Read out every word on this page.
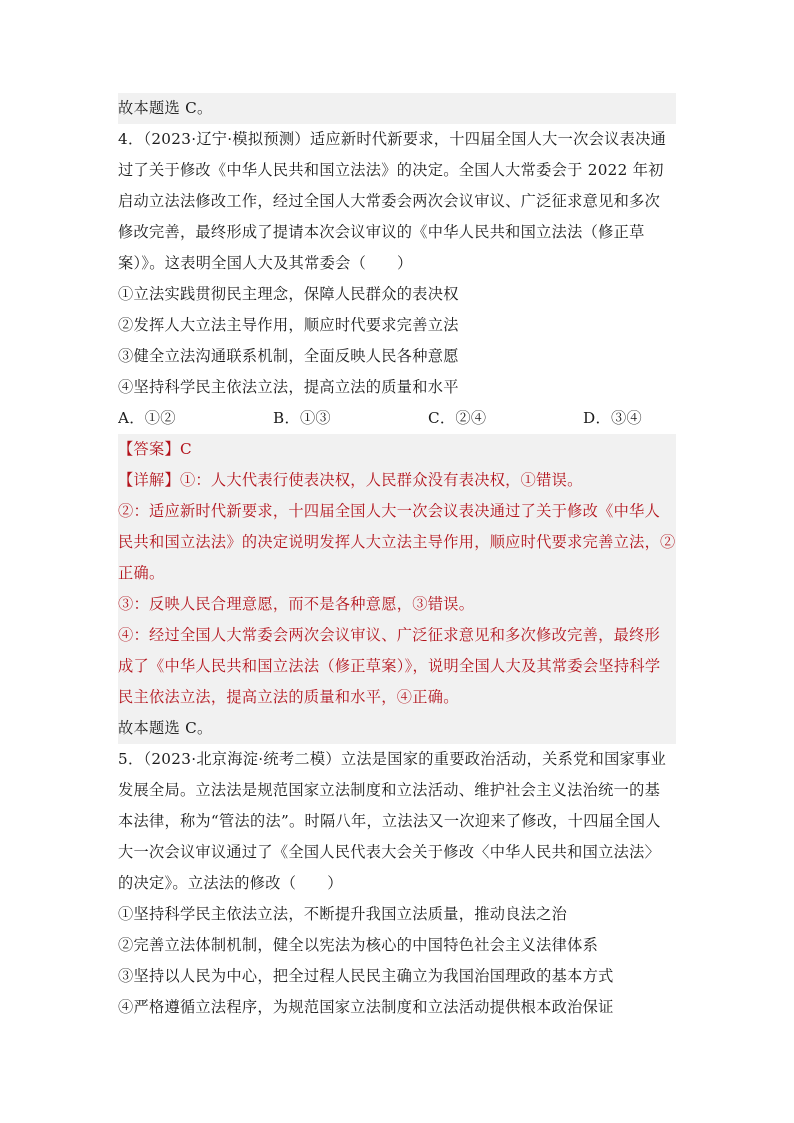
故本题选 C。
4．（2023·辽宁·模拟预测）适应新时代新要求，十四届全国人大一次会议表决通
过了关于修改《中华人民共和国立法法》的决定。全国人大常委会于 2022 年初
启动立法法修改工作，经过全国人大常委会两次会议审议、广泛征求意见和多次
修改完善，最终形成了提请本次会议审议的《中华人民共和国立法法（修正草
案）》。这表明全国人大及其常委会（　　）
①立法实践贯彻民主理念，保障人民群众的表决权
②发挥人大立法主导作用，顺应时代要求完善立法
③健全立法沟通联系机制，全面反映人民各种意愿
④坚持科学民主依法立法，提高立法的质量和水平
A．①②	B．①③	C．②④	D．③④
【答案】C
【详解】①：人大代表行使表决权，人民群众没有表决权，①错误。
②：适应新时代新要求，十四届全国人大一次会议表决通过了关于修改《中华人
民共和国立法法》的决定说明发挥人大立法主导作用，顺应时代要求完善立法，②
正确。
③：反映人民合理意愿，而不是各种意愿，③错误。
④：经过全国人大常委会两次会议审议、广泛征求意见和多次修改完善，最终形
成了《中华人民共和国立法法（修正草案）》，说明全国人大及其常委会坚持科学
民主依法立法，提高立法的质量和水平，④正确。
故本题选 C。
5．（2023·北京海淀·统考二模）立法是国家的重要政治活动，关系党和国家事业
发展全局。立法法是规范国家立法制度和立法活动、维护社会主义法治统一的基
本法律，称为“管法的法”。时隔八年，立法法又一次迎来了修改，十四届全国人
大一次会议审议通过了《全国人民代表大会关于修改〈中华人民共和国立法法〉
的决定》。立法法的修改（　　）
①坚持科学民主依法立法，不断提升我国立法质量，推动良法之治
②完善立法体制机制，健全以宪法为核心的中国特色社会主义法律体系
③坚持以人民为中心，把全过程人民民主确立为我国治国理政的基本方式
④严格遵循立法程序，为规范国家立法制度和立法活动提供根本政治保证
